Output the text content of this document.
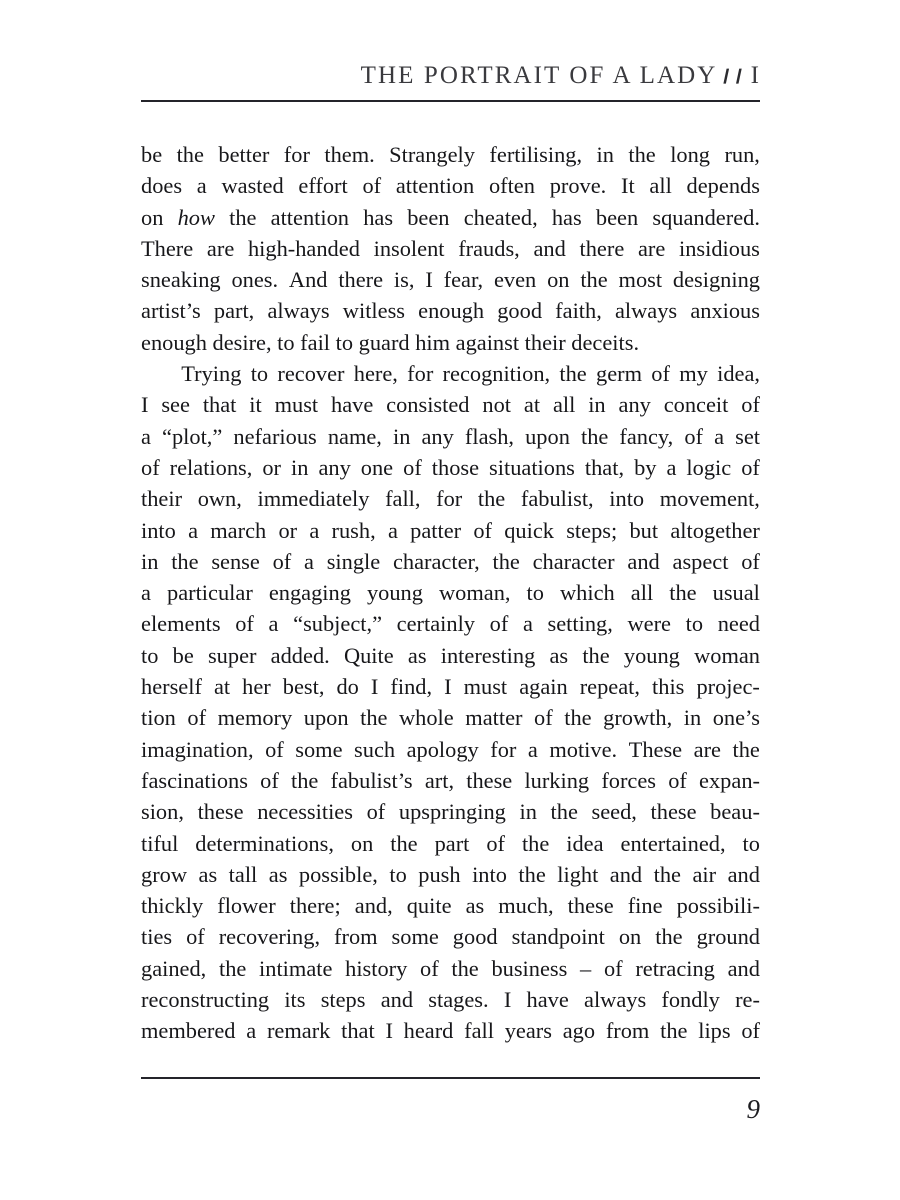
THE PORTRAIT OF A LADY❙❙ I
be the better for them. Strangely fertilising, in the long run,
does a wasted effort of attention often prove. It all depends
on how the attention has been cheated, has been squandered.
There are high-handed insolent frauds, and there are insidious
sneaking ones. And there is, I fear, even on the most designing
artist’s part, always witless enough good faith, always anxious
enough desire, to fail to guard him against their deceits.
Trying to recover here, for recognition, the germ of my idea,
I see that it must have consisted not at all in any conceit of
a “plot,” nefarious name, in any flash, upon the fancy, of a set
of relations, or in any one of those situations that, by a logic of
their own, immediately fall, for the fabulist, into movement,
into a march or a rush, a patter of quick steps; but altogether
in the sense of a single character, the character and aspect of
a particular engaging young woman, to which all the usual
elements of a “subject,” certainly of a setting, were to need
to be super added. Quite as interesting as the young woman
herself at her best, do I find, I must again repeat, this projec-
tion of memory upon the whole matter of the growth, in one’s
imagination, of some such apology for a motive. These are the
fascinations of the fabulist’s art, these lurking forces of expan-
sion, these necessities of upspringing in the seed, these beau-
tiful determinations, on the part of the idea entertained, to
grow as tall as possible, to push into the light and the air and
thickly flower there; and, quite as much, these fine possibili-
ties of recovering, from some good standpoint on the ground
gained, the intimate history of the business – of retracing and
reconstructing its steps and stages. I have always fondly re-
membered a remark that I heard fall years ago from the lips of
9
